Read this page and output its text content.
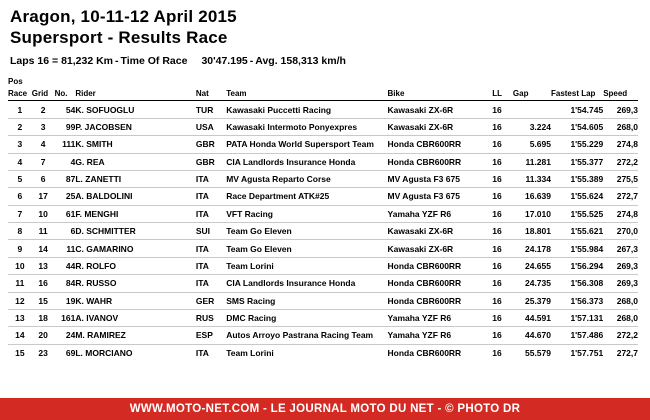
Aragon, 10-11-12 April 2015
Supersport - Results Race
Laps 16 = 81,232 Km - Time Of Race 30'47.195 - Avg. 158,313 km/h
Pos										
Race	Grid	No.	Rider	Nat	Team	Bike	LL	Gap	Fastest Lap	Speed
1	2	54	K. SOFUOGLU	TUR	Kawasaki Puccetti Racing	Kawasaki ZX-6R	16		1'54.745	269,3
2	3	99	P. JACOBSEN	USA	Kawasaki Intermoto Ponyexpres	Kawasaki ZX-6R	16	3.224	1'54.605	268,0
3	4	111	K. SMITH	GBR	PATA Honda World Supersport Team	Honda CBR600RR	16	5.695	1'55.229	274,8
4	7	4	G. REA	GBR	CIA Landlords Insurance Honda	Honda CBR600RR	16	11.281	1'55.377	272,2
5	6	87	L. ZANETTI	ITA	MV Agusta Reparto Corse	MV Agusta F3 675	16	11.334	1'55.389	275,5
6	17	25	A. BALDOLINI	ITA	Race Department ATK#25	MV Agusta F3 675	16	16.639	1'55.624	272,7
7	10	61	F. MENGHI	ITA	VFT Racing	Yamaha YZF R6	16	17.010	1'55.525	274,8
8	11	6	D. SCHMITTER	SUI	Team Go Eleven	Kawasaki ZX-6R	16	18.801	1'55.621	270,0
9	14	11	C. GAMARINO	ITA	Team Go Eleven	Kawasaki ZX-6R	16	24.178	1'55.984	267,3
10	13	44	R. ROLFO	ITA	Team Lorini	Honda CBR600RR	16	24.655	1'56.294	269,3
11	16	84	R. RUSSO	ITA	CIA Landlords Insurance Honda	Honda CBR600RR	16	24.735	1'56.308	269,3
12	15	19	K. WAHR	GER	SMS Racing	Honda CBR600RR	16	25.379	1'56.373	268,0
13	18	161	A. IVANOV	RUS	DMC Racing	Yamaha YZF R6	16	44.591	1'57.131	268,0
14	20	24	M. RAMIREZ	ESP	Autos Arroyo Pastrana Racing Team	Yamaha YZF R6	16	44.670	1'57.486	272,2
15	23	69	L. MORCIANO	ITA	Team Lorini	Honda CBR600RR	16	55.579	1'57.751	272,7
WWW.MOTO-NET.COM - LE JOURNAL MOTO DU NET - © PHOTO DR
